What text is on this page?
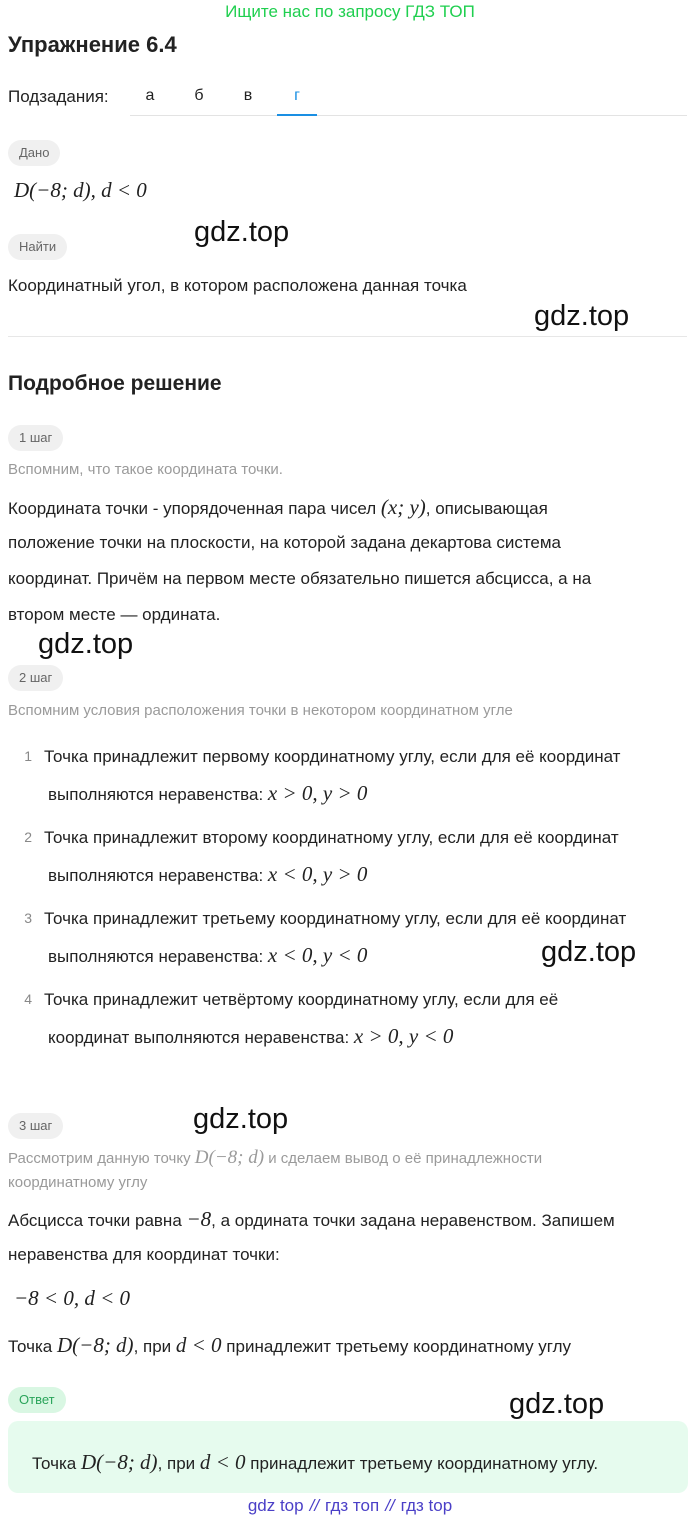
Ищите нас по запросу ГДЗ ТОП
Упражнение 6.4
Подзадания:	а	б	в	г
Дано
D(−8; d), d < 0
Найти
Координатный угол, в котором расположена данная точка
Подробное решение
1 шаг
Вспомним, что такое координата точки.
Координата точки - упорядоченная пара чисел (x; y), описывающая
положение точки на плоскости, на которой задана декартова система
координат. Причём на первом месте обязательно пишется абсцисса, а на
втором месте — ордината.
2 шаг
Вспомним условия расположения точки в некотором координатном угле
1 Точка принадлежит первому координатному углу, если для её координат
выполняются неравенства: x > 0, y > 0
2 Точка принадлежит второму координатному углу, если для её координат
выполняются неравенства: x < 0, y > 0
3 Точка принадлежит третьему координатному углу, если для её координат
выполняются неравенства: x < 0, y < 0
4 Точка принадлежит четвёртому координатному углу, если для её
координат выполняются неравенства: x > 0, y < 0
3 шаг
Рассмотрим данную точку D(−8; d) и сделаем вывод о её принадлежности
координатному углу
Абсцисса точки равна −8, а ордината точки задана неравенством. Запишем
неравенства для координат точки:
−8 < 0, d < 0
Точка D(−8; d), при d < 0 принадлежит третьему координатному углу
Ответ
Точка D(−8; d), при d < 0 принадлежит третьему координатному углу.
gdz.top
gdz.top
gdz.top
gdz.top
gdz.top
gdz.top
gdz top // гдз топ // гдз top
